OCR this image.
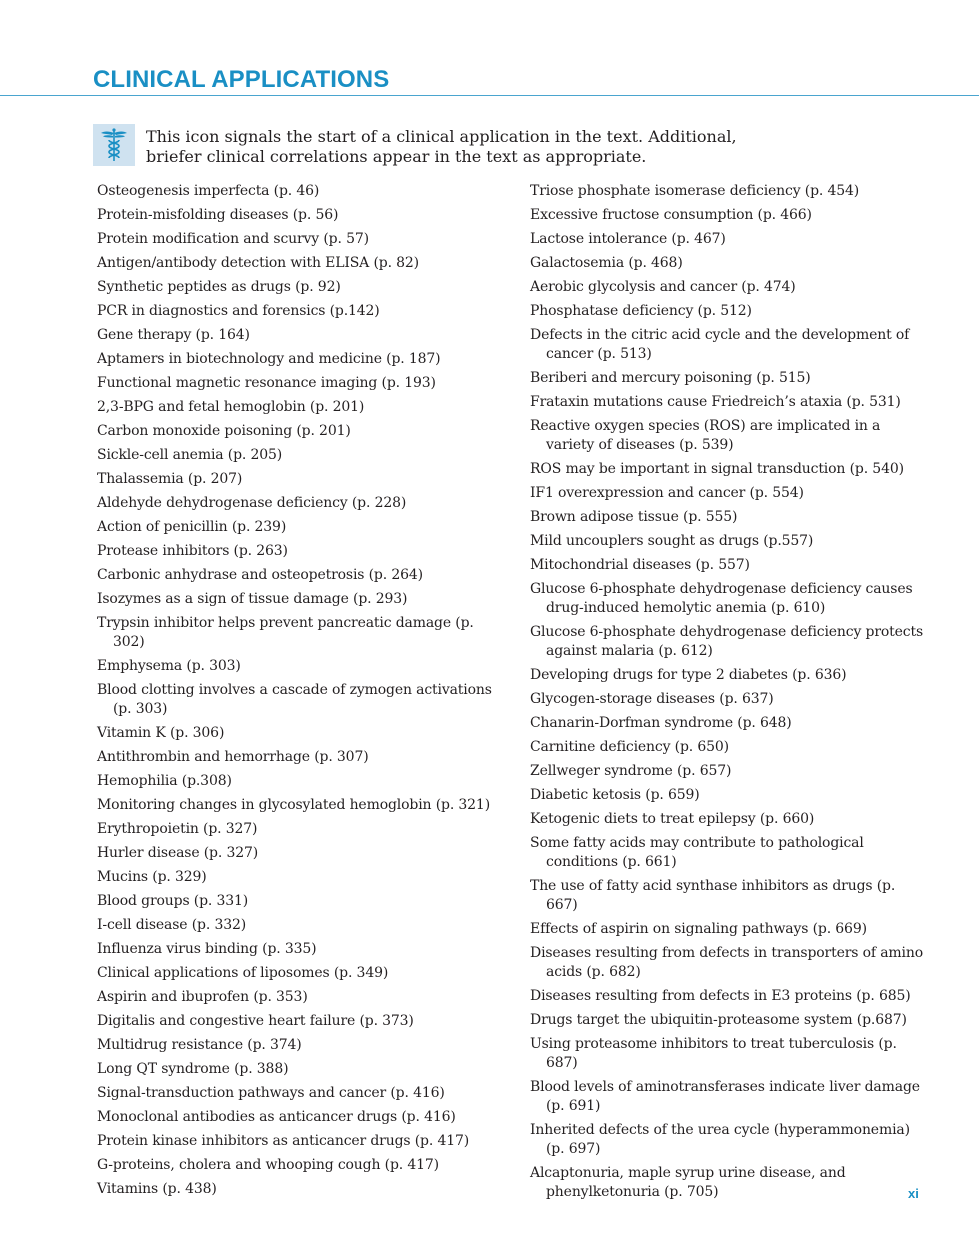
CLINICAL APPLICATIONS
This icon signals the start of a clinical application in the text. Additional, briefer clinical correlations appear in the text as appropriate.
Osteogenesis imperfecta (p. 46)
Protein-misfolding diseases (p. 56)
Protein modification and scurvy (p. 57)
Antigen/antibody detection with ELISA (p. 82)
Synthetic peptides as drugs (p. 92)
PCR in diagnostics and forensics (p.142)
Gene therapy (p. 164)
Aptamers in biotechnology and medicine (p. 187)
Functional magnetic resonance imaging (p. 193)
2,3-BPG and fetal hemoglobin (p. 201)
Carbon monoxide poisoning (p. 201)
Sickle-cell anemia (p. 205)
Thalassemia (p. 207)
Aldehyde dehydrogenase deficiency (p. 228)
Action of penicillin (p. 239)
Protease inhibitors (p. 263)
Carbonic anhydrase and osteopetrosis (p. 264)
Isozymes as a sign of tissue damage (p. 293)
Trypsin inhibitor helps prevent pancreatic damage (p. 302)
Emphysema (p. 303)
Blood clotting involves a cascade of zymogen activations (p. 303)
Vitamin K (p. 306)
Antithrombin and hemorrhage (p. 307)
Hemophilia (p.308)
Monitoring changes in glycosylated hemoglobin (p. 321)
Erythropoietin (p. 327)
Hurler disease (p. 327)
Mucins (p. 329)
Blood groups (p. 331)
I-cell disease (p. 332)
Influenza virus binding (p. 335)
Clinical applications of liposomes (p. 349)
Aspirin and ibuprofen (p. 353)
Digitalis and congestive heart failure (p. 373)
Multidrug resistance (p. 374)
Long QT syndrome (p. 388)
Signal-transduction pathways and cancer (p. 416)
Monoclonal antibodies as anticancer drugs (p. 416)
Protein kinase inhibitors as anticancer drugs (p. 417)
G-proteins, cholera and whooping cough (p. 417)
Vitamins (p. 438)
Triose phosphate isomerase deficiency (p. 454)
Excessive fructose consumption (p. 466)
Lactose intolerance (p. 467)
Galactosemia (p. 468)
Aerobic glycolysis and cancer (p. 474)
Phosphatase deficiency (p. 512)
Defects in the citric acid cycle and the development of cancer (p. 513)
Beriberi and mercury poisoning (p. 515)
Frataxin mutations cause Friedreich’s ataxia (p. 531)
Reactive oxygen species (ROS) are implicated in a variety of diseases (p. 539)
ROS may be important in signal transduction (p. 540)
IF1 overexpression and cancer (p. 554)
Brown adipose tissue (p. 555)
Mild uncouplers sought as drugs (p.557)
Mitochondrial diseases (p. 557)
Glucose 6-phosphate dehydrogenase deficiency causes drug-induced hemolytic anemia (p. 610)
Glucose 6-phosphate dehydrogenase deficiency protects against malaria (p. 612)
Developing drugs for type 2 diabetes (p. 636)
Glycogen-storage diseases (p. 637)
Chanarin-Dorfman syndrome (p. 648)
Carnitine deficiency (p. 650)
Zellweger syndrome (p. 657)
Diabetic ketosis (p. 659)
Ketogenic diets to treat epilepsy (p. 660)
Some fatty acids may contribute to pathological conditions (p. 661)
The use of fatty acid synthase inhibitors as drugs (p. 667)
Effects of aspirin on signaling pathways (p. 669)
Diseases resulting from defects in transporters of amino acids (p. 682)
Diseases resulting from defects in E3 proteins (p. 685)
Drugs target the ubiquitin-proteasome system (p.687)
Using proteasome inhibitors to treat tuberculosis (p. 687)
Blood levels of aminotransferases indicate liver damage (p. 691)
Inherited defects of the urea cycle (hyperammonemia) (p. 697)
Alcaptonuria, maple syrup urine disease, and phenylketonuria (p. 705)	xi
